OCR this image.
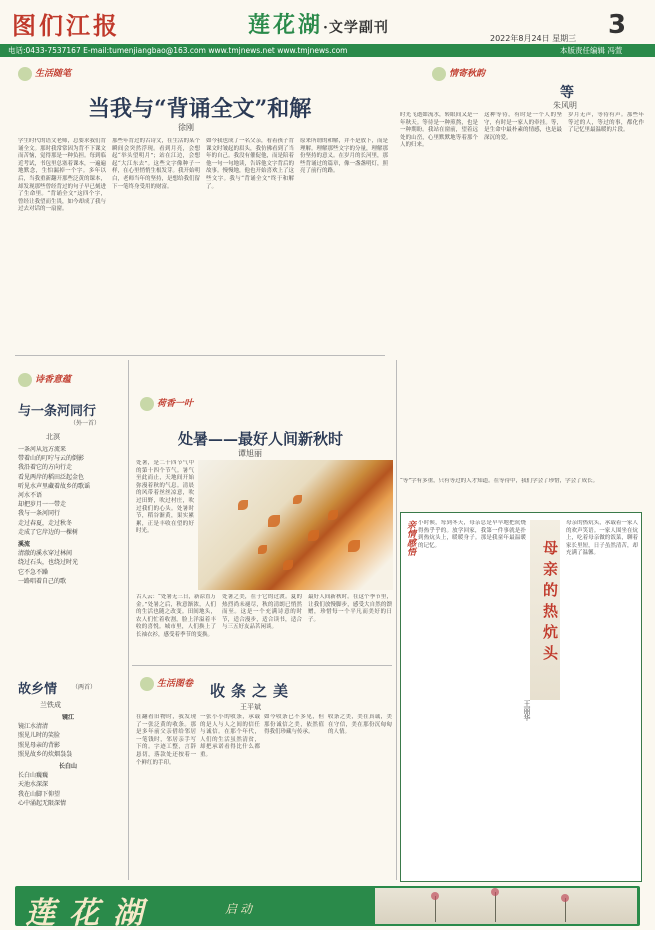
图们江报	莲花湖·文学副刊	3
2022年8月24日 星期三
电话:0433-7537167 E-mail:tumenjiangbao@163.com www.tmjnews.net www.tmjnews.com	本版责任编辑 冯萱
生活随笔
当我与“背诵全文”和解
徐刚
学生时代的语文老师，总要求我们背诵全文。那时我常常因为背不下课文而苦恼，觉得那是一种负担。每到临近考试，书包里总塞着课本，一遍遍地默念，生怕漏掉一个字。多年以后，当我重新翻开那些泛黄的课本，却发现那些曾经背过的句子早已刻进了生命里。“背诵全文”这四个字，曾经让我望而生畏，如今却成了我与过去对话的一扇窗。
那些年背过的古诗文，在生活的某个瞬间会突然浮现。看到月亮，会想起“举头望明月”；站在江边，会想起“大江东去”。这些文字像种子一样，在心里悄悄生根发芽。我开始明白，老师当年的坚持，是想给我们留下一笔终身受用的财富。
如今我也成了一名父亲，看着孩子背课文时皱起的眉头，我仿佛看到了当年的自己。我没有催促他，而是陪着他一句一句地读，告诉他文字背后的故事。慢慢地，他也开始喜欢上了这些文字。我与“背诵全文”终于和解了。
原来所谓的和解，并不是放下，而是理解。理解那些文字的分量，理解那份坚持的意义。在岁月的长河里，那些背诵过的篇章，像一盏盏明灯，照亮了前行的路。
情寄秋韵
等
朱风明
时光飞逝如流水，转眼间又是一年秋天。等待是一种煎熬，也是一种期盼。我站在窗前，望着远处的山峦，心里默默地等着那个人的归来。
这种等待，有时是一个人的坚守，有时是一家人的牵挂。等，是生命中最朴素的情感，也是最深沉的爱。
岁月无声，等待有声。那些年等过的人，等过的事，都化作了记忆里最温暖的片段。
“等”字有多重，只有等过的人才知道。在等待中，我们学会了珍惜，学会了成长。
诗香意蕴
与一条河同行
（外一首）
北溟

一条河从远方流来

带着山的叮咛与云的倒影

我沿着它的方向行走

看见两岸的稻田泛起金色

听见水声里藏着故乡的歌谣

河水不语

却把岁月一一带走

我与一条河同行

走过春夏，走过秋冬

走成了它岸边的一棵树

溪流

清澈的溪水穿过林间

绕过石头，也绕过时光

它不急不躁

一路唱着自己的歌

故乡情 （两首）
兰铁成

镜江

镜江水清清

照见儿时的笑脸

照见母亲的背影

照见故乡的炊烟袅袅

长白山

长白山巍巍

天池水深深

我在山脚下仰望

心中涌起无限深情

荷香一叶
处暑——最好人间新秋时
谭旭丽
处暑，是二十四节气中的第十四个节气。暑气至此而止，天地间开始弥漫着秋的气息。清晨的风带着丝丝凉意，吹过田野，吹过村庄，吹过我们的心头。处暑时节，稻谷渐黄，果实累累，正是丰收在望的好时光。
古人云：“处暑无三日，新凉直万金。”处暑之后，秋意渐浓，人们的生活也随之改变。田间地头，农人们忙着收割，脸上洋溢着丰收的喜悦。城市里，人们换上了长袖衣衫，感受着季节的变换。
处暑之美，在于它的过渡。夏的热烈尚未褪尽，秋的清朗已悄然而至。这是一个充满诗意的时节，适合漫步，适合读书，适合与三五好友品茗闲谈。
最好人间新秋时。在这个季节里，让我们放慢脚步，感受大自然的馈赠，珍惜每一个平凡而美好的日子。
生活图卷 收条之美
王平斌
在翻看旧物时，我发现了一张泛黄的收条。那是多年前父亲借给邻居一笔钱时，邻居亲手写下的。字迹工整，言辞恳切，落款处还按着一个鲜红的手印。
一张小小的收条，承载的是人与人之间的信任与诚信。在那个年代，人们的生活虽然清贫，却把承诺看得比什么都重。
如今收条已不多见，但那份诚信之美，依然值得我们珍藏与传承。
收条之美，美在真诚，美在守信，美在那份沉甸甸的人情。
亲情感悟 小时候，每到冬天，母亲总是早早地把炕烧得热乎乎的。放学回家，我第一件事就是扑到热炕头上，暖暖身子。那是我童年最温暖的记忆。	母亲的热炕头
王丽华
母亲的热炕头，承载着一家人的欢声笑语。一家人围坐在炕上，吃着母亲做的饭菜，聊着家长里短，日子虽然清苦，却充满了温馨。
莲花湖	启动
